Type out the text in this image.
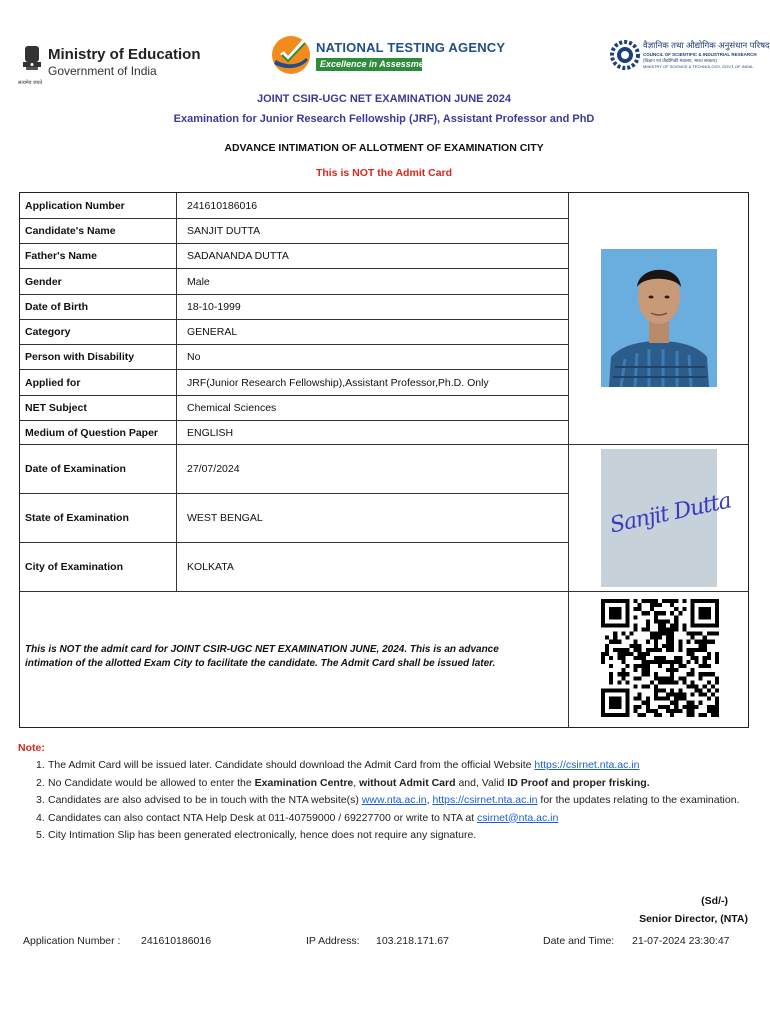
Ministry of Education
Government of India
सत्यमेव जयते
NATIONAL TESTING AGENCY
Excellence in Assessment
वैज्ञानिक तथा औद्योगिक अनुसंधान परिषद
COUNCIL OF SCIENTIFIC & INDUSTRIAL RESEARCH
(विज्ञान एवं प्रौद्योगिकी मंत्रालय, भारत सरकार)
MINISTRY OF SCIENCE & TECHNOLOGY, GOVT. OF INDIA
JOINT CSIR-UGC NET EXAMINATION JUNE 2024
Examination for Junior Research Fellowship (JRF), Assistant Professor and PhD
ADVANCE INTIMATION OF ALLOTMENT OF EXAMINATION CITY
This is NOT the Admit Card
Application Number	241610186016
Candidate's Name	SANJIT DUTTA
Father's Name	SADANANDA DUTTA
Gender	Male
Date of Birth	18-10-1999
Category	GENERAL
Person with Disability	No
Applied for	JRF(Junior Research Fellowship),Assistant Professor,Ph.D. Only
NET Subject	Chemical Sciences
Medium of Question Paper	ENGLISH
Date of Examination	27/07/2024
State of Examination	WEST BENGAL
City of Examination	KOLKATA
Sanjit Dutta
This is NOT the admit card for JOINT CSIR-UGC NET EXAMINATION JUNE, 2024. This is an advance intimation of the allotted Exam City to facilitate the candidate. The Admit Card shall be issued later.
Note:
1. The Admit Card will be issued later. Candidate should download the Admit Card from the official Website https://csirnet.nta.ac.in
2. No Candidate would be allowed to enter the Examination Centre, without Admit Card and, Valid ID Proof and proper frisking.
3. Candidates are also advised to be in touch with the NTA website(s) www.nta.ac.in, https://csirnet.nta.ac.in for the updates relating to the examination.
4. Candidates can also contact NTA Help Desk at 011-40759000 / 69227700 or write to NTA at csirnet@nta.ac.in
5. City Intimation Slip has been generated electronically, hence does not require any signature.
(Sd/-)
Senior Director, (NTA)
Application Number : 241610186016	IP Address: 103.218.171.67	Date and Time: 21-07-2024 23:30:47
